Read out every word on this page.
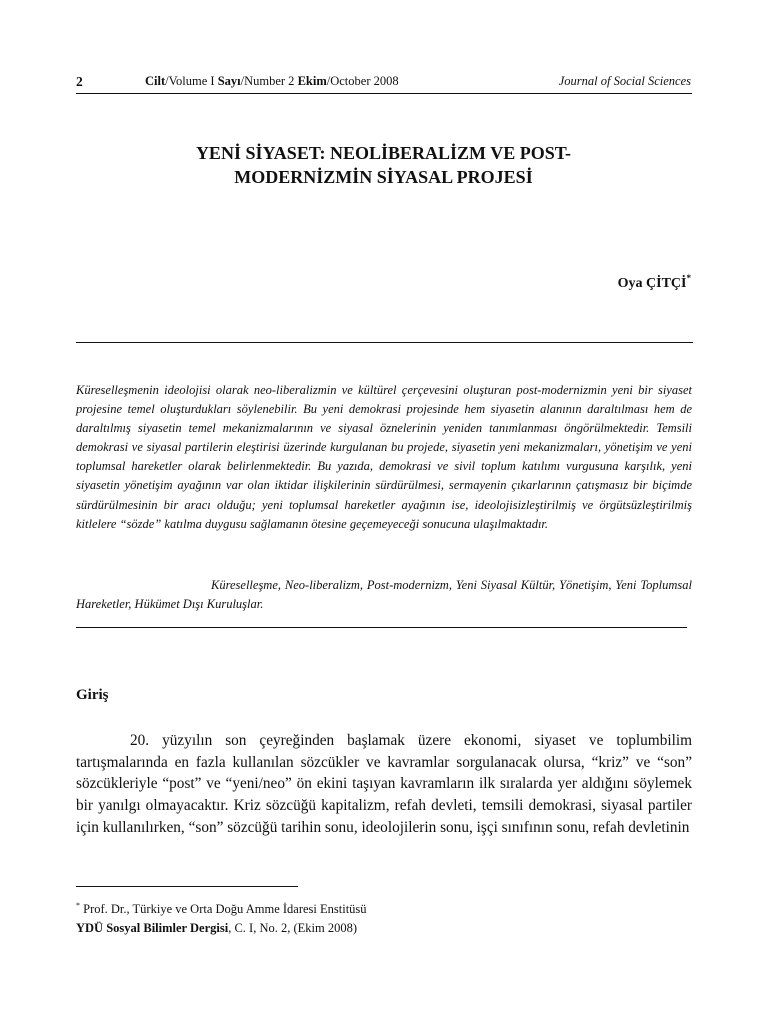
2	Cilt/Volume I Sayı/Number 2 Ekim/October 2008	Journal of Social Sciences
YENİ SİYASET: NEOLİBERALİZM VE POST-
MODERNİZMİN SİYASAL PROJESİ
Oya ÇİTÇİ*

Küreselleşmenin ideolojisi olarak neo-liberalizmin ve kültürel çerçevesini oluşturan post-modernizmin yeni bir siyaset projesine temel oluşturdukları söylenebilir. Bu yeni demokrasi projesinde hem siyasetin alanının daraltılması hem de daraltılmış siyasetin temel mekanizmalarının ve siyasal öznelerinin yeniden tanımlanması öngörülmektedir. Temsili demokrasi ve siyasal partilerin eleştirisi üzerinde kurgulanan bu projede, siyasetin yeni mekanizmaları, yönetişim ve yeni toplumsal hareketler olarak belirlenmektedir. Bu yazıda, demokrasi ve sivil toplum katılımı vurgusuna karşılık, yeni siyasetin yönetişim ayağının var olan iktidar ilişkilerinin sürdürülmesi, sermayenin çıkarlarının çatışmasız bir biçimde sürdürülmesinin bir aracı olduğu; yeni toplumsal hareketler ayağının ise, ideolojisizleştirilmiş ve örgütsüzleştirilmiş kitlelere “sözde” katılma duygusu sağlamanın ötesine geçemeyeceği sonucuna ulaşılmaktadır.

Küreselleşme, Neo-liberalizm, Post-modernizm, Yeni Siyasal Kültür, Yönetişim, Yeni Toplumsal Hareketler, Hükümet Dışı Kuruluşlar.
Giriş
20. yüzyılın son çeyreğinden başlamak üzere ekonomi, siyaset ve toplumbilim tartışmalarında en fazla kullanılan sözcükler ve kavramlar sorgulanacak olursa, “kriz” ve “son” sözcükleriyle “post” ve “yeni/neo” ön ekini taşıyan kavramların ilk sıralarda yer aldığını söylemek bir yanılgı olmayacaktır. Kriz sözcüğü kapitalizm, refah devleti, temsili demokrasi, siyasal partiler için kullanılırken, “son” sözcüğü tarihin sonu, ideolojilerin sonu, işçi sınıfının sonu, refah devletinin
* Prof. Dr., Türkiye ve Orta Doğu Amme İdaresi Enstitüsü
YDÜ Sosyal Bilimler Dergisi, C. I, No. 2, (Ekim 2008)
